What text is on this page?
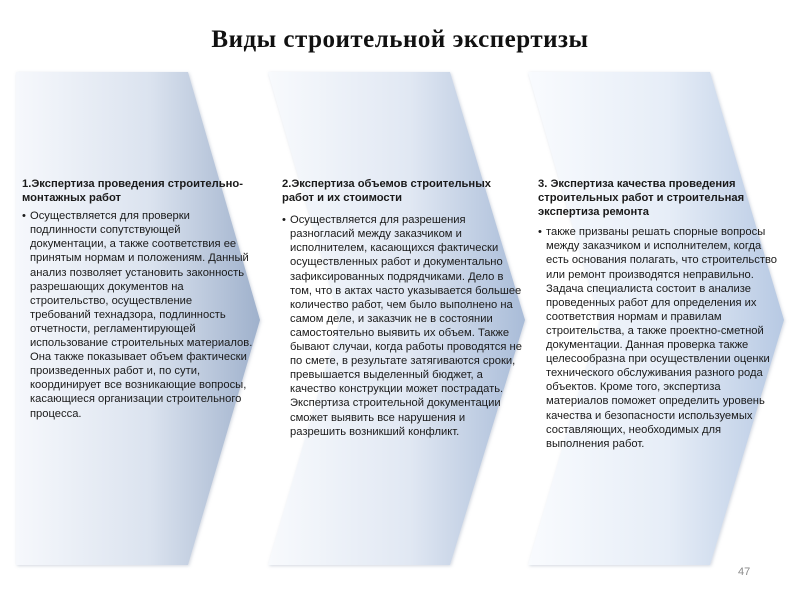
Виды строительной экспертизы
1.Экспертиза проведения строительно-монтажных работ
• Осуществляется для проверки подлинности сопутствующей документации, а также соответствия ее принятым нормам и положениям. Данный анализ позволяет установить законность разрешающих документов на строительство, осуществление требований технадзора, подлинность отчетности, регламентирующей использование строительных материалов. Она также показывает объем фактически произведенных работ и, по сути, координирует все возникающие вопросы, касающиеся организации строительного процесса.
2.Экспертиза объемов строительных работ и их стоимости
• Осуществляется для разрешения разногласий между заказчиком и исполнителем, касающихся фактически осуществленных работ и документально зафиксированных подрядчиками. Дело в том, что в актах часто указывается большее количество работ, чем было выполнено на самом деле, и заказчик не в состоянии самостоятельно выявить их объем. Также бывают случаи, когда работы проводятся не по смете, в результате затягиваются сроки, превышается выделенный бюджет, а качество конструкции может пострадать. Экспертиза строительной документации сможет выявить все нарушения и разрешить возникший конфликт.
3. Экспертиза качества проведения строительных работ и строительная экспертиза ремонта
• также призваны решать спорные вопросы между заказчиком и исполнителем, когда есть основания полагать, что строительство или ремонт производятся неправильно. Задача специалиста состоит в анализе проведенных работ для определения их соответствия нормам и правилам строительства, а также проектно-сметной документации. Данная проверка также целесообразна при осуществлении оценки технического обслуживания разного рода объектов. Кроме того, экспертиза материалов поможет определить уровень качества и безопасности используемых составляющих, необходимых для выполнения работ.
47
